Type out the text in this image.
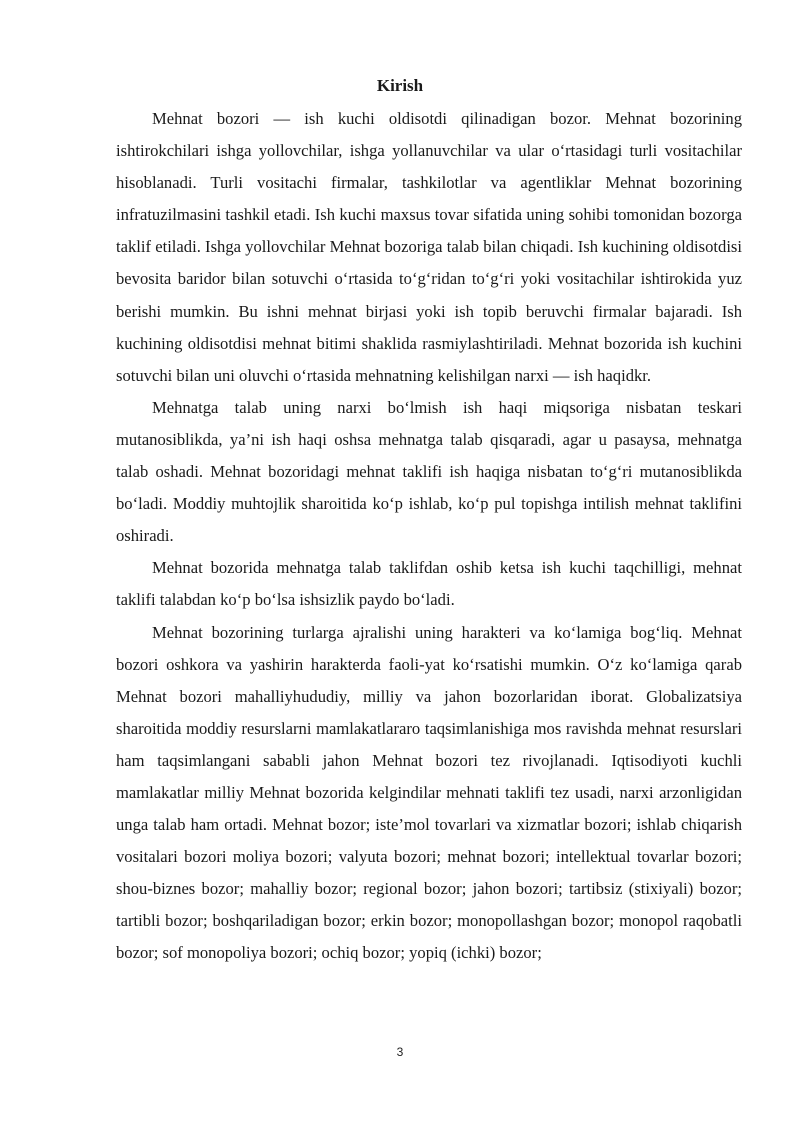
Kirish

Mehnat bozori — ish kuchi oldisotdi qilinadigan bozor. Mehnat bozorining ishtirokchilari ishga yollovchilar, ishga yollanuvchilar va ular oʻrtasidagi turli vositachilar hisoblanadi. Turli vositachi firmalar, tashkilotlar va agentliklar Mehnat bozorining infratuzilmasini tashkil etadi. Ish kuchi maxsus tovar sifatida uning sohibi tomonidan bozorga taklif etiladi. Ishga yollovchilar Mehnat bozoriga talab bilan chiqadi. Ish kuchining oldisotdisi bevosita baridor bilan sotuvchi oʻrtasida toʻgʻridan toʻgʻri yoki vositachilar ishtirokida yuz berishi mumkin. Bu ishni mehnat birjasi yoki ish topib beruvchi firmalar bajaradi. Ish kuchining oldisotdisi mehnat bitimi shaklida rasmiylashtiriladi. Mehnat bozorida ish kuchini sotuvchi bilan uni oluvchi oʻrtasida mehnatning kelishilgan narxi — ish haqidkr.

Mehnatga talab uning narxi boʻlmish ish haqi miqsoriga nisbatan teskari mutanosiblikda, ya’ni ish haqi oshsa mehnatga talab qisqaradi, agar u pasaysa, mehnatga talab oshadi. Mehnat bozoridagi mehnat taklifi ish haqiga nisbatan toʻgʻri mutanosiblikda boʻladi. Moddiy muhtojlik sharoitida koʻp ishlab, koʻp pul topishga intilish mehnat taklifini oshiradi.

Mehnat bozorida mehnatga talab taklifdan oshib ketsa ish kuchi taqchilligi, mehnat taklifi talabdan koʻp boʻlsa ishsizlik paydo boʻladi.

Mehnat bozorining turlarga ajralishi uning harakteri va koʻlamiga bogʻliq. Mehnat bozori oshkora va yashirin harakterda faoli-yat koʻrsatishi mumkin. Oʻz koʻlamiga qarab Mehnat bozori mahalliyhududiy, milliy va jahon bozorlaridan iborat. Globalizatsiya sharoitida moddiy resurslarni mamlakatlararo taqsimlanishiga mos ravishda mehnat resurslari ham taqsimlangani sababli jahon Mehnat bozori tez rivojlanadi. Iqtisodiyoti kuchli mamlakatlar milliy Mehnat bozorida kelgindilar mehnati taklifi tez usadi, narxi arzonligidan unga talab ham ortadi. Mehnat bozor; iste’mol tovarlari va xizmatlar bozori; ishlab chiqarish vositalari bozori moliya bozori; valyuta bozori; mehnat bozori; intellektual tovarlar bozori; shou-biznes bozor; mahalliy bozor; regional bozor; jahon bozori; tartibsiz (stixiyali) bozor; tartibli bozor; boshqariladigan bozor; erkin bozor; monopollashgan bozor; monopol raqobatli bozor; sof monopoliya bozori; ochiq bozor; yopiq (ichki) bozor;

3
